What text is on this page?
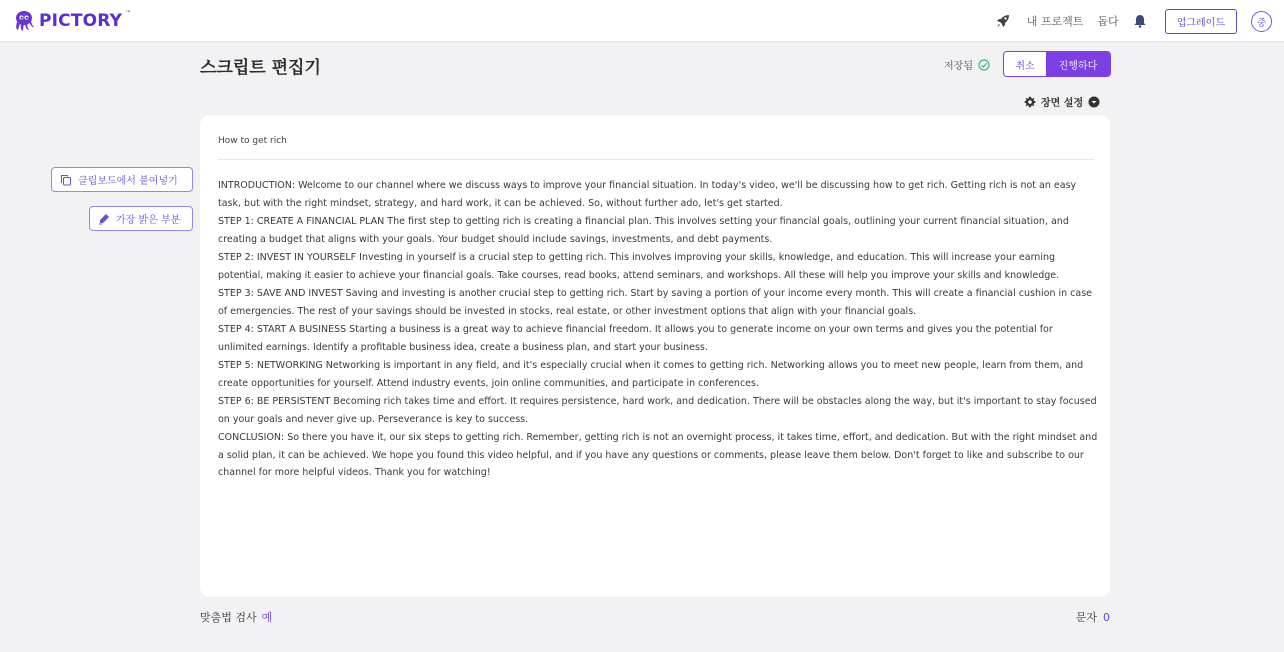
PICTORY ™
내 프로젝트 돕다	업그레이드	중
스크립트 편집기	저장됨	취소	진행하다
장면 설정
클립보드에서 붙여넣기
가장 밝은 부분
How to get rich

INTRODUCTION: Welcome to our channel where we discuss ways to improve your financial situation. In today's video, we'll be discussing how to get rich. Getting rich is not an easy task, but with the right mindset, strategy, and hard work, it can be achieved. So, without further ado, let's get started.

STEP 1: CREATE A FINANCIAL PLAN The first step to getting rich is creating a financial plan. This involves setting your financial goals, outlining your current financial situation, and creating a budget that aligns with your goals. Your budget should include savings, investments, and debt payments.

STEP 2: INVEST IN YOURSELF Investing in yourself is a crucial step to getting rich. This involves improving your skills, knowledge, and education. This will increase your earning potential, making it easier to achieve your financial goals. Take courses, read books, attend seminars, and workshops. All these will help you improve your skills and knowledge.

STEP 3: SAVE AND INVEST Saving and investing is another crucial step to getting rich. Start by saving a portion of your income every month. This will create a financial cushion in case of emergencies. The rest of your savings should be invested in stocks, real estate, or other investment options that align with your financial goals.

STEP 4: START A BUSINESS Starting a business is a great way to achieve financial freedom. It allows you to generate income on your own terms and gives you the potential for unlimited earnings. Identify a profitable business idea, create a business plan, and start your business.

STEP 5: NETWORKING Networking is important in any field, and it's especially crucial when it comes to getting rich. Networking allows you to meet new people, learn from them, and create opportunities for yourself. Attend industry events, join online communities, and participate in conferences.

STEP 6: BE PERSISTENT Becoming rich takes time and effort. It requires persistence, hard work, and dedication. There will be obstacles along the way, but it's important to stay focused on your goals and never give up. Perseverance is key to success.

CONCLUSION: So there you have it, our six steps to getting rich. Remember, getting rich is not an overnight process, it takes time, effort, and dedication. But with the right mindset and a solid plan, it can be achieved. We hope you found this video helpful, and if you have any questions or comments, please leave them below. Don't forget to like and subscribe to our channel for more helpful videos. Thank you for watching!

맞춤법 검사 예	문자 0
